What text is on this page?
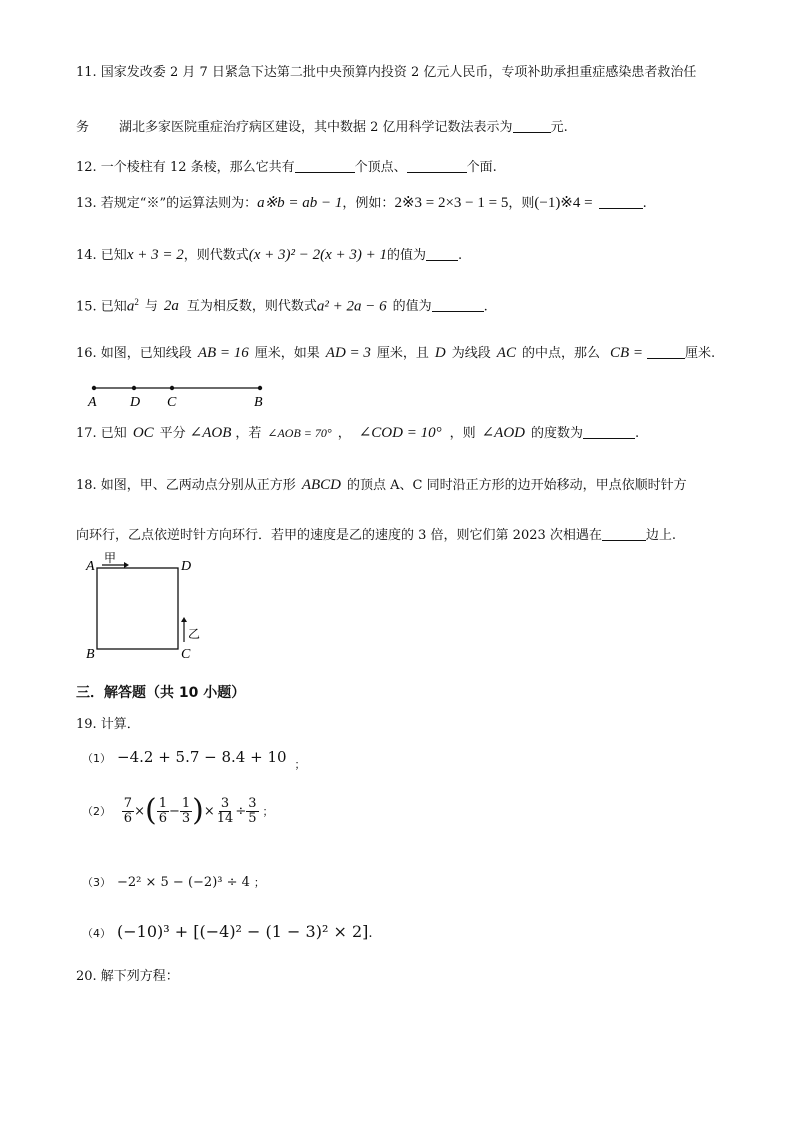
11. 国家发改委 2 月 7 日紧急下达第二批中央预算内投资 2 亿元人民币，专项补助承担重症感染患者救治任
务 湖北多家医院重症治疗病区建设，其中数据 2 亿用科学记数法表示为	元.
12. 一个棱柱有 12 条棱，那么它共有	个顶点、	个面.
13. 若规定“※”的运算法则为：a※b = ab − 1，例如：2※3 = 2×3 − 1 = 5，则(−1)※4 =	.
14. 已知x + 3 = 2，则代数式(x + 3)² − 2(x + 3) + 1的值为 .
15. 已知$a^2$ 与 2a 互为相反数，则代数式a² + 2a − 6 的值为	.
16. 如图，已知线段 AB = 16 厘米，如果 AD = 3 厘米，且 D 为线段 AC 的中点，那么 CB =	厘米.
A D C	B
17. 已知 OC 平分 ∠AOB ，若 ∠AOB = 70° ， ∠COD = 10° ，则 ∠AOD 的度数为	.
18. 如图，甲、乙两动点分别从正方形 ABCD 的顶点 A、C 同时沿正方形的边开始移动，甲点依顺时针方
向环行，乙点依逆时针方向环行．若甲的速度是乙的速度的 3 倍，则它们第 2023 次相遇在	边上.
甲
A	D
B	C
乙
三．解答题（共 10 小题）
19. 计算．
（1） −4.2 + 5.7 − 8.4 + 10 $_;$
$(2) \frac{7}{6}$ ×( $\frac{1}{6} - \frac{1}{3}$ )× $\frac{3}{14} \div \frac{3}{5}$ ；
（3） −2² × 5 − (−2)³ ÷ 4 ；
（4） (−10)³ + [(−4)² − (1 − 3)² × 2].
20. 解下列方程：
